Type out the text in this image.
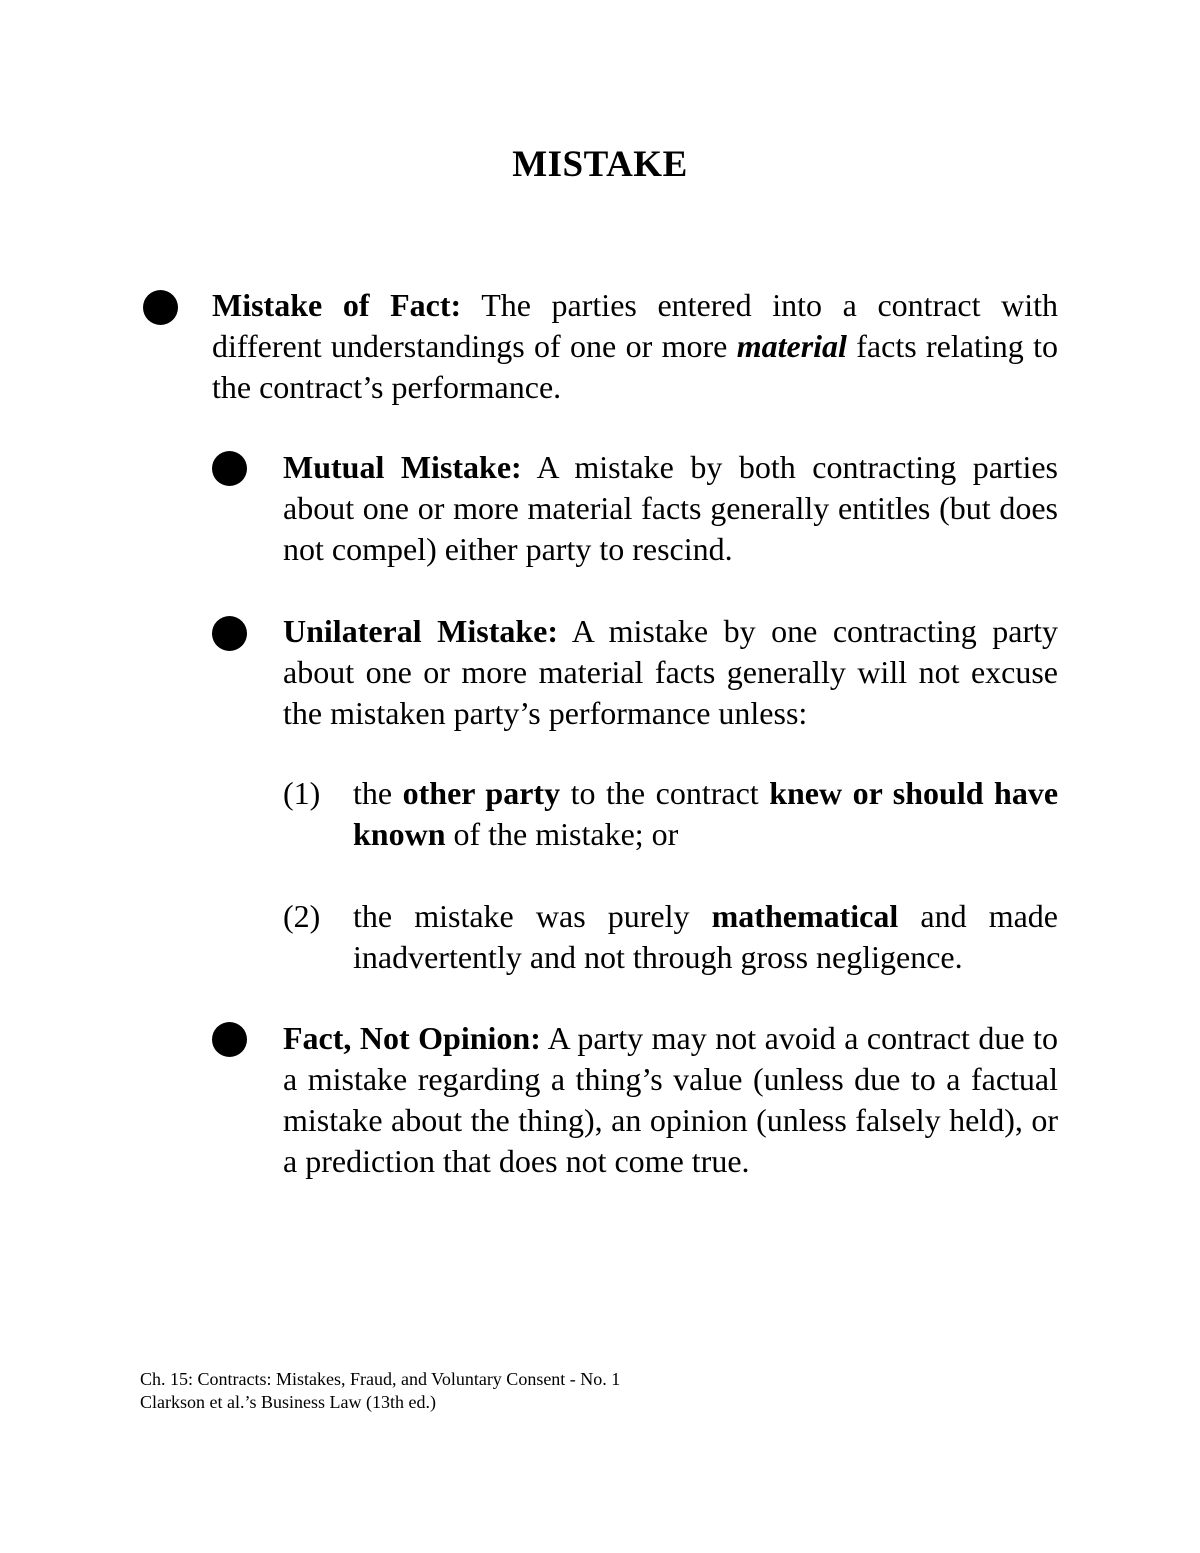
MISTAKE

Mistake of Fact: The parties entered into a contract with different understandings of one or more material facts relating to the contract’s performance.

Mutual Mistake: A mistake by both contracting parties about one or more material facts generally entitles (but does not compel) either party to rescind.

Unilateral Mistake: A mistake by one contracting party about one or more material facts generally will not excuse the mistaken party’s performance unless:

(1) the other party to the contract knew or should have known of the mistake; or

(2) the mistake was purely mathematical and made inadvertently and not through gross negligence.

Fact, Not Opinion: A party may not avoid a contract due to a mistake regarding a thing’s value (unless due to a factual mistake about the thing), an opinion (unless falsely held), or a prediction that does not come true.

Ch. 15: Contracts: Mistakes, Fraud, and Voluntary Consent - No. 1
Clarkson et al.’s Business Law (13th ed.)
